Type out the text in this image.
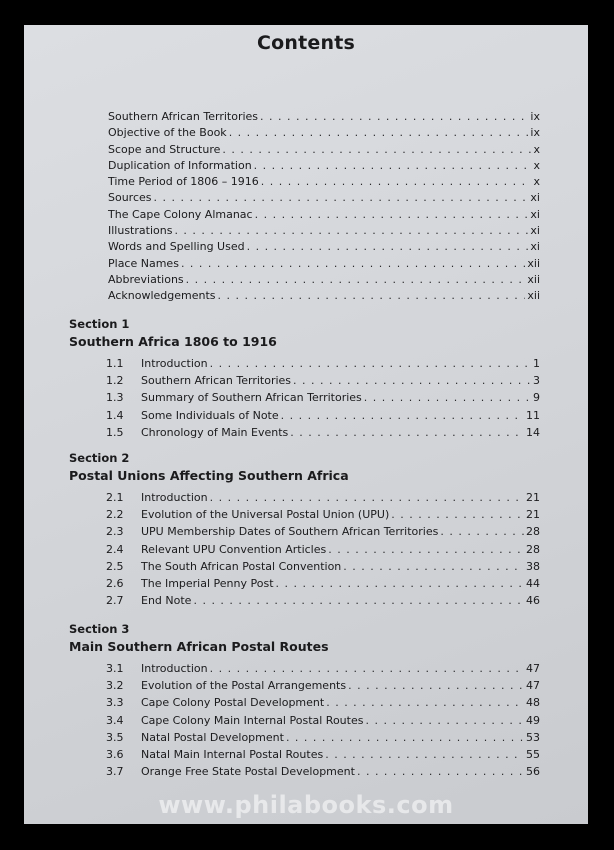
Contents
Southern African Territories . . .	ix
Objective of the Book . . .	ix
Scope and Structure . . .	x
Duplication of Information . . .	x
Time Period of 1806 – 1916 . . .	x
Sources . . .	xi
The Cape Colony Almanac . . .	xi
Illustrations . . .	xi
Words and Spelling Used . . .	xi
Place Names . . .	xii
Abbreviations . . .	xii
Acknowledgements . . .	xii
Section 1
Southern Africa 1806 to 1916
1.1	Introduction . . .	1
1.2	Southern African Territories . . .	3
1.3	Summary of Southern African Territories . . .	9
1.4	Some Individuals of Note . . .	11
1.5	Chronology of Main Events . . .	14
Section 2
Postal Unions Affecting Southern Africa
2.1	Introduction . . .	21
2.2	Evolution of the Universal Postal Union (UPU) . . .	21
2.3	UPU Membership Dates of Southern African Territories . . .	28
2.4	Relevant UPU Convention Articles . . .	28
2.5	The South African Postal Convention . . .	38
2.6	The Imperial Penny Post . . .	44
2.7	End Note . . .	46
Section 3
Main Southern African Postal Routes
3.1	Introduction . . .	47
3.2	Evolution of the Postal Arrangements . . .	47
3.3	Cape Colony Postal Development . . .	48
3.4	Cape Colony Main Internal Postal Routes . . .	49
3.5	Natal Postal Development . . .	53
3.6	Natal Main Internal Postal Routes . . .	55
3.7	Orange Free State Postal Development . . .	56
www.philabooks.com
